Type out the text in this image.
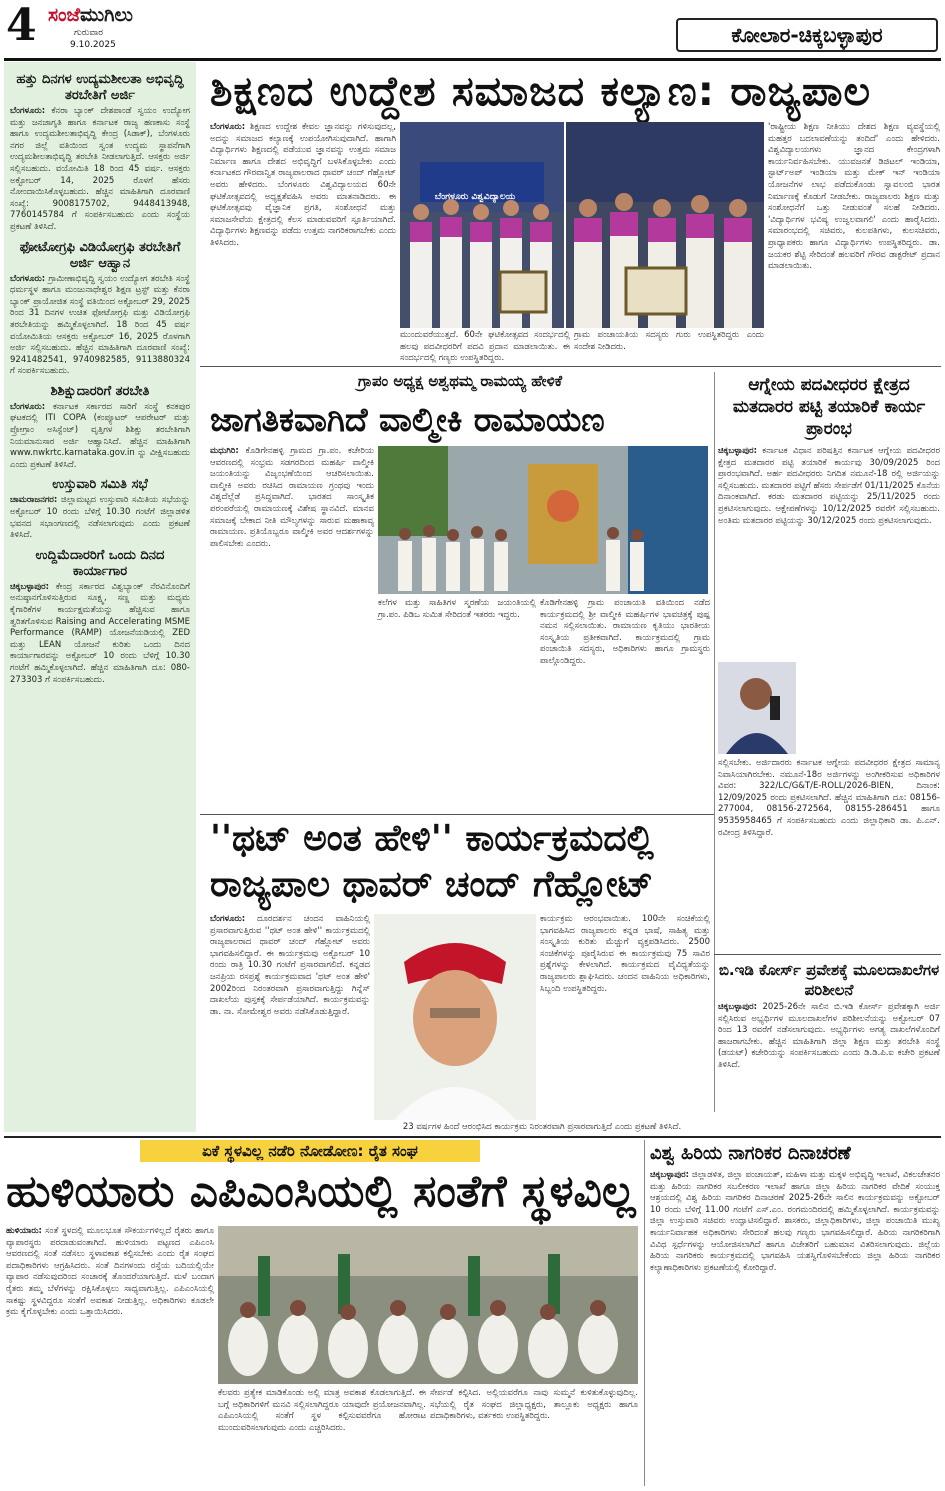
4 ಸಂಜೆಮುಗಿಲು
ಗುರುವಾರ
9.10.2025	ಕೋಲಾರ-ಚಿಕ್ಕಬಳ್ಳಾಪುರ
ಹತ್ತು ದಿನಗಳ ಉದ್ಯಮಶೀಲತಾ ಅಭಿವೃದ್ಧಿ ತರಬೇತಿಗೆ ಅರ್ಜಿ
ಬೆಂಗಳೂರು: ಕೆನರಾ ಬ್ಯಾಂಕ್ ದೇಶಪಾಂಡೆ ಸ್ವಯಂ ಉದ್ಯೋಗ ಮತ್ತು ಜನಜಾಗೃತಿ ಹಾಗೂ ಕರ್ನಾಟಕ ರಾಜ್ಯ ಹಣಕಾಸು ಸಂಸ್ಥೆ ಹಾಗೂ ಉದ್ಯಮಶೀಲತಾಭಿವೃದ್ಧಿ ಕೇಂದ್ರ (ಸಿಡಾಕ್), ಬೆಂಗಳೂರು ನಗರ ಜಿಲ್ಲೆ ವತಿಯಿಂದ ಸ್ವಂತ ಉದ್ಯಮ ಸ್ಥಾಪನೆಗಾಗಿ ಉದ್ಯಮಶೀಲತಾಭಿವೃದ್ಧಿ ತರಬೇತಿ ನೀಡಲಾಗುತ್ತಿದೆ. ಆಸಕ್ತರು ಅರ್ಜಿ ಸಲ್ಲಿಸಬಹುದು. ವಯೋಮಿತಿ 18 ರಿಂದ 45 ವರ್ಷ. ಆಸಕ್ತರು ಅಕ್ಟೋಬರ್ 14, 2025 ರೊಳಗೆ ಹೆಸರು ನೋಂದಾಯಿಸಿಕೊಳ್ಳಬಹುದು. ಹೆಚ್ಚಿನ ಮಾಹಿತಿಗಾಗಿ ದೂರವಾಣಿ ಸಂಖ್ಯೆ: 9008175702, 9448413948, 7760145784 ಗೆ ಸಂಪರ್ಕಿಸಬಹುದು ಎಂದು ಸಂಸ್ಥೆಯ ಪ್ರಕಟಣೆ ತಿಳಿಸಿದೆ.
ಫೋಟೋಗ್ರಫಿ ವಿಡಿಯೋಗ್ರಫಿ ತರಬೇತಿಗೆ ಅರ್ಜಿ ಆಹ್ವಾನ
ಬೆಂಗಳೂರು: ಗ್ರಾಮೀಣಾಭಿವೃದ್ಧಿ ಸ್ವಯಂ ಉದ್ಯೋಗ ತರಬೇತಿ ಸಂಸ್ಥೆ ಧರ್ಮಸ್ಥಳ ಹಾಗೂ ಮಂಜುನಾಥೇಶ್ವರ ಶಿಕ್ಷಣ ಟ್ರಸ್ಟ್ ಮತ್ತು ಕೆನರಾ ಬ್ಯಾಂಕ್ ಪ್ರಾಯೋಜಿತ ಸಂಸ್ಥೆ ವತಿಯಿಂದ ಅಕ್ಟೋಬರ್ 29, 2025 ರಿಂದ 31 ದಿನಗಳ ಉಚಿತ ಫೋಟೋಗ್ರಫಿ ಮತ್ತು ವಿಡಿಯೋಗ್ರಫಿ ತರಬೇತಿಯನ್ನು ಹಮ್ಮಿಕೊಳ್ಳಲಾಗಿದೆ. 18 ರಿಂದ 45 ವರ್ಷ ವಯೋಮಿತಿಯ ಆಸಕ್ತರು ಅಕ್ಟೋಬರ್ 16, 2025 ರೊಳಗಾಗಿ ಅರ್ಜಿ ಸಲ್ಲಿಸಬಹುದು. ಹೆಚ್ಚಿನ ಮಾಹಿತಿಗಾಗಿ ದೂರವಾಣಿ ಸಂಖ್ಯೆ: 9241482541, 9740982585, 9113880324 ಗೆ ಸಂಪರ್ಕಿಸಬಹುದು.
ಶಿಶಿಕ್ಷುದಾರರಿಗೆ ತರಬೇತಿ
ಬೆಂಗಳೂರು: ಕರ್ನಾಟಕ ಸರ್ಕಾರದ ಸಾರಿಗೆ ಸಂಸ್ಥೆ ಕನಕಪುರ ಘಟಕದಲ್ಲಿ ITI COPA (ಕಂಪ್ಯೂಟರ್ ಆಪರೇಟರ್ ಮತ್ತು ಪ್ರೋಗ್ರಾಂ ಅಸಿಸ್ಟೆಂಟ್) ವೃತ್ತಿಗಳ ಶಿಶಿಕ್ಷು ತರಬೇತಿಗಾಗಿ ನಿಯಮಾನುಸಾರ ಅರ್ಜಿ ಆಹ್ವಾನಿಸಿದೆ. ಹೆಚ್ಚಿನ ಮಾಹಿತಿಗಾಗಿ www.nwkrtc.karnataka.gov.in ನ್ನು ವೀಕ್ಷಿಸಬಹುದು ಎಂದು ಪ್ರಕಟಣೆ ತಿಳಿಸಿದೆ.
ಉಸ್ತುವಾರಿ ಸಮಿತಿ ಸಭೆ
ಚಾಮರಾಜನಗರ: ಜಿಲ್ಲಾಮಟ್ಟದ ಉಸ್ತುವಾರಿ ಸಮಿತಿಯ ಸಭೆಯನ್ನು ಅಕ್ಟೋಬರ್ 10 ರಂದು ಬೆಳಿಗ್ಗೆ 10.30 ಗಂಟೆಗೆ ಜಿಲ್ಲಾಡಳಿತ ಭವನದ ಸಭಾಂಗಣದಲ್ಲಿ ನಡೆಸಲಾಗುವುದು ಎಂದು ಪ್ರಕಟಣೆ ತಿಳಿಸಿದೆ.
ಉದ್ದಿಮೆದಾರರಿಗೆ ಒಂದು ದಿನದ ಕಾರ್ಯಾಗಾರ
ಚಿಕ್ಕಬಳ್ಳಾಪುರ: ಕೇಂದ್ರ ಸರ್ಕಾರದ ವಿಶ್ವಬ್ಯಾಂಕ್ ನೆರವಿನೊಂದಿಗೆ ಅನುಷ್ಠಾನಗೊಳಿಸುತ್ತಿರುವ ಸೂಕ್ಷ್ಮ, ಸಣ್ಣ ಮತ್ತು ಮಧ್ಯಮ ಕೈಗಾರಿಕೆಗಳ ಕಾರ್ಯಕ್ಷಮತೆಯನ್ನು ಹೆಚ್ಚಿಸುವ ಹಾಗೂ ತ್ವರಿತಗೊಳಿಸುವ Raising and Accelerating MSME Performance (RAMP) ಯೋಜನೆಯಡಿಯಲ್ಲಿ ZED ಮತ್ತು LEAN ಯೋಜನೆ ಕುರಿತು ಒಂದು ದಿನದ ಕಾರ್ಯಾಗಾರವನ್ನು ಅಕ್ಟೋಬರ್ 10 ರಂದು ಬೆಳಿಗ್ಗೆ 10.30 ಗಂಟೆಗೆ ಹಮ್ಮಿಕೊಳ್ಳಲಾಗಿದೆ. ಹೆಚ್ಚಿನ ಮಾಹಿತಿಗಾಗಿ ದೂ: 080-273303 ಗೆ ಸಂಪರ್ಕಿಸಬಹುದು.
ಶಿಕ್ಷಣದ ಉದ್ದೇಶ ಸಮಾಜದ ಕಲ್ಯಾಣ: ರಾಜ್ಯಪಾಲ
ಬೆಂಗಳೂರು: ಶಿಕ್ಷಣದ ಉದ್ದೇಶ ಕೇವಲ ಜ್ಞಾನವನ್ನು ಗಳಿಸುವುದಲ್ಲ, ಅದನ್ನು ಸಮಾಜದ ಕಲ್ಯಾಣಕ್ಕೆ ಉಪಯೋಗಿಸುವುದಾಗಿದೆ. ಹಾಗಾಗಿ ವಿದ್ಯಾರ್ಥಿಗಳು ಶಿಕ್ಷಣದಲ್ಲಿ ಪಡೆಯುವ ಜ್ಞಾನವನ್ನು ಉತ್ತಮ ಸಮಾಜ ನಿರ್ಮಾಣ ಹಾಗೂ ದೇಶದ ಅಭಿವೃದ್ಧಿಗೆ ಬಳಸಿಕೊಳ್ಳಬೇಕು ಎಂದು ಕರ್ನಾಟಕದ ಗೌರವಾನ್ವಿತ ರಾಜ್ಯಪಾಲರಾದ ಥಾವರ್ ಚಂದ್ ಗೆಹ್ಲೋಟ್ ಅವರು ಹೇಳಿದರು. ಬೆಂಗಳೂರು ವಿಶ್ವವಿದ್ಯಾಲಯದ 60ನೇ ಘಟಿಕೋತ್ಸವದಲ್ಲಿ ಅಧ್ಯಕ್ಷತೆವಹಿಸಿ ಅವರು ಮಾತನಾಡಿದರು. ಈ ಘಟಿಕೋತ್ಸವವು ವೈಜ್ಞಾನಿಕ ಪ್ರಗತಿ, ಸಂಶೋಧನೆ ಮತ್ತು ಸಮಾಜಸೇವೆಯ ಕ್ಷೇತ್ರದಲ್ಲಿ ಕೆಲಸ ಮಾಡುವವರಿಗೆ ಸ್ಫೂರ್ತಿಯಾಗಿದೆ. ವಿದ್ಯಾರ್ಥಿಗಳು ಶಿಕ್ಷಣವನ್ನು ಪಡೆದು ಉತ್ತಮ ನಾಗರಿಕರಾಗಬೇಕು ಎಂದು ತಿಳಿಸಿದರು.
ಬೆಂಗಳೂರು ವಿಶ್ವವಿದ್ಯಾಲಯ
ಮುಂದುವರೆಯುತ್ತದೆ. 60ನೇ ಘಟಿಕೋತ್ಸವದ ಸಂದರ್ಭದಲ್ಲಿ ಹಲವು ಪದವೀಧರರಿಗೆ ಪದವಿ ಪ್ರದಾನ ಮಾಡಲಾಯಿತು. ಈ ಸಂದರ್ಭದಲ್ಲಿ ಗಣ್ಯರು ಉಪಸ್ಥಿತರಿದ್ದರು.
ಗ್ರಾಮ ಪಂಚಾಯತಿಯ ಸದಸ್ಯರು ಗುರು ಉಪಸ್ಥಿತರಿದ್ದರು ಎಂದು ಸಂದೇಶ ನೀಡಿದರು.
'ರಾಷ್ಟ್ರೀಯ ಶಿಕ್ಷಣ ನೀತಿಯು ದೇಶದ ಶಿಕ್ಷಣ ವ್ಯವಸ್ಥೆಯಲ್ಲಿ ಮಹತ್ತರ ಬದಲಾವಣೆಯನ್ನು ತಂದಿದೆ' ಎಂದು ಹೇಳಿದರು. ವಿಶ್ವವಿದ್ಯಾಲಯಗಳು ಜ್ಞಾನದ ಕೇಂದ್ರಗಳಾಗಿ ಕಾರ್ಯನಿರ್ವಹಿಸಬೇಕು. ಯುವಜನತೆ ಡಿಜಿಟಲ್ ಇಂಡಿಯಾ, ಸ್ಟಾರ್ಟ್‌ಅಪ್ ಇಂಡಿಯಾ ಮತ್ತು ಮೇಕ್ ಇನ್ ಇಂಡಿಯಾ ಯೋಜನೆಗಳ ಲಾಭ ಪಡೆದುಕೊಂಡು ಸ್ವಾವಲಂಬಿ ಭಾರತ ನಿರ್ಮಾಣಕ್ಕೆ ಕೊಡುಗೆ ನೀಡಬೇಕು. ರಾಜ್ಯಪಾಲರು ಶಿಕ್ಷಣ ಮತ್ತು ಸಂಶೋಧನೆಗೆ ಒತ್ತು ನೀಡುವಂತೆ ಸಲಹೆ ನೀಡಿದರು. 'ವಿದ್ಯಾರ್ಥಿಗಳ ಭವಿಷ್ಯ ಉಜ್ವಲವಾಗಲಿ' ಎಂದು ಹಾರೈಸಿದರು. ಸಮಾರಂಭದಲ್ಲಿ ಸಚಿವರು, ಕುಲಪತಿಗಳು, ಕುಲಸಚಿವರು, ಪ್ರಾಧ್ಯಾಪಕರು ಹಾಗೂ ವಿದ್ಯಾರ್ಥಿಗಳು ಉಪಸ್ಥಿತರಿದ್ದರು. ಡಾ. ಜಯಕರ ಶೆಟ್ಟಿ ಸೇರಿದಂತೆ ಹಲವರಿಗೆ ಗೌರವ ಡಾಕ್ಟರೇಟ್ ಪ್ರದಾನ ಮಾಡಲಾಯಿತು.
ಗ್ರಾಪಂ ಅಧ್ಯಕ್ಷ ಅಶ್ವಥಮ್ಮ ರಾಮಯ್ಯ ಹೇಳಿಕೆ
ಜಾಗತಿಕವಾಗಿದೆ ವಾಲ್ಮೀಕಿ ರಾಮಾಯಣ
ಮಧುಗಿರಿ: ಕೊಡಿಗೇನಹಳ್ಳಿ ಗ್ರಾಮದ ಗ್ರಾ.ಪಂ. ಕಚೇರಿಯ ಆವರಣದಲ್ಲಿ ಸಂಭ್ರಮ ಸಡಗರದಿಂದ ಮಹರ್ಷಿ ವಾಲ್ಮೀಕಿ ಜಯಂತಿಯನ್ನು ವಿಜೃಂಭಣೆಯಿಂದ ಆಚರಿಸಲಾಯಿತು. ವಾಲ್ಮೀಕಿ ಅವರು ರಚಿಸಿದ ರಾಮಾಯಣ ಗ್ರಂಥವು ಇಂದು ವಿಶ್ವದೆಲ್ಲೆಡೆ ಪ್ರಸಿದ್ಧವಾಗಿದೆ. ಭಾರತದ ಸಾಂಸ್ಕೃತಿಕ ಪರಂಪರೆಯಲ್ಲಿ ರಾಮಾಯಣಕ್ಕೆ ವಿಶೇಷ ಸ್ಥಾನವಿದೆ. ಮಾನವ ಸಮಾಜಕ್ಕೆ ಬೇಕಾದ ನೀತಿ ಮೌಲ್ಯಗಳನ್ನು ಸಾರುವ ಮಹಾಕಾವ್ಯ ರಾಮಾಯಣ. ಪ್ರತಿಯೊಬ್ಬರೂ ವಾಲ್ಮೀಕಿ ಅವರ ಆದರ್ಶಗಳನ್ನು ಪಾಲಿಸಬೇಕು ಎಂದರು.
ಕಲೆಗಳ ಮತ್ತು ಸಾಹಿತಿಗಳ ಸ್ಮರಣೆಯ ಜಯಂತಿಯಲ್ಲಿ ಗ್ರಾ.ಪಂ. ಪಿಡಿಒ ಸುಮಿತ ಸೇರಿದಂತೆ ಇತರರು ಇದ್ದರು.
ಕೊಡಿಗೇನಹಳ್ಳಿ ಗ್ರಾಮ ಪಂಚಾಯತಿ ವತಿಯಿಂದ ನಡೆದ ಕಾರ್ಯಕ್ರಮದಲ್ಲಿ ಶ್ರೀ ವಾಲ್ಮೀಕಿ ಮಹರ್ಷಿಗಳ ಭಾವಚಿತ್ರಕ್ಕೆ ಪುಷ್ಪ ನಮನ ಸಲ್ಲಿಸಲಾಯಿತು. ರಾಮಾಯಣ ಕೃತಿಯು ಭಾರತೀಯ ಸಂಸ್ಕೃತಿಯ ಪ್ರತೀಕವಾಗಿದೆ. ಕಾರ್ಯಕ್ರಮದಲ್ಲಿ ಗ್ರಾಮ ಪಂಚಾಯಿತಿ ಸದಸ್ಯರು, ಅಧಿಕಾರಿಗಳು ಹಾಗೂ ಗ್ರಾಮಸ್ಥರು ಪಾಲ್ಗೊಂಡಿದ್ದರು.
ಆಗ್ನೇಯ ಪದವೀಧರರ ಕ್ಷೇತ್ರದ ಮತದಾರರ ಪಟ್ಟಿ ತಯಾರಿಕೆ ಕಾರ್ಯ ಪ್ರಾರಂಭ
ಚಿಕ್ಕಬಳ್ಳಾಪುರ: ಕರ್ನಾಟಕ ವಿಧಾನ ಪರಿಷತ್ತಿನ ಕರ್ನಾಟಕ ಆಗ್ನೇಯ ಪದವೀಧರರ ಕ್ಷೇತ್ರದ ಮತದಾರರ ಪಟ್ಟಿ ತಯಾರಿಕೆ ಕಾರ್ಯವು 30/09/2025 ರಿಂದ ಪ್ರಾರಂಭವಾಗಿದೆ. ಅರ್ಹ ಪದವೀಧರರು ನಿಗದಿತ ನಮೂನೆ-18 ರಲ್ಲಿ ಅರ್ಜಿಯನ್ನು ಸಲ್ಲಿಸಬಹುದು. ಮತದಾರರ ಪಟ್ಟಿಗೆ ಹೆಸರು ಸೇರ್ಪಡೆಗೆ 01/11/2025 ಕೊನೆಯ ದಿನಾಂಕವಾಗಿದೆ. ಕರಡು ಮತದಾರರ ಪಟ್ಟಿಯನ್ನು 25/11/2025 ರಂದು ಪ್ರಕಟಿಸಲಾಗುವುದು. ಆಕ್ಷೇಪಣೆಗಳನ್ನು 10/12/2025 ರವರೆಗೆ ಸಲ್ಲಿಸಬಹುದು. ಅಂತಿಮ ಮತದಾರರ ಪಟ್ಟಿಯನ್ನು 30/12/2025 ರಂದು ಪ್ರಕಟಿಸಲಾಗುವುದು.
ಸಲ್ಲಿಸಬೇಕು. ಅರ್ಜಿದಾರರು ಕರ್ನಾಟಕ ಆಗ್ನೇಯ ಪದವೀಧರರ ಕ್ಷೇತ್ರದ ಸಾಮಾನ್ಯ ನಿವಾಸಿಯಾಗಿರಬೇಕು. ನಮೂನೆ-18ರ ಅರ್ಜಿಗಳನ್ನು ಅಂಗೀಕರಿಸುವ ಅಧಿಕಾರಿಗಳ ವಿವರ: 322/LC/G&T/E-ROLL/2026-BIEN, ದಿನಾಂಕ: 12/09/2025 ರಂದು ಪ್ರಕಟಿಸಲಾಗಿದೆ. ಹೆಚ್ಚಿನ ಮಾಹಿತಿಗಾಗಿ ದೂ: 08156-277004, 08156-272564, 08155-286451 ಹಾಗೂ 9535958465 ಗೆ ಸಂಪರ್ಕಿಸಬಹುದು ಎಂದು ಜಿಲ್ಲಾಧಿಕಾರಿ ಡಾ. ಪಿ.ಎನ್. ರವೀಂದ್ರ ತಿಳಿಸಿದ್ದಾರೆ.
ಬಿ.ಇಡಿ ಕೋರ್ಸ್ ಪ್ರವೇಶಕ್ಕೆ ಮೂಲದಾಖಲೆಗಳ ಪರಿಶೀಲನೆ
ಚಿಕ್ಕಬಳ್ಳಾಪುರ: 2025-26ನೇ ಸಾಲಿನ ಬಿ.ಇಡಿ ಕೋರ್ಸ್ ಪ್ರವೇಶಕ್ಕಾಗಿ ಅರ್ಜಿ ಸಲ್ಲಿಸಿರುವ ಅಭ್ಯರ್ಥಿಗಳ ಮೂಲದಾಖಲೆಗಳ ಪರಿಶೀಲನೆಯನ್ನು ಅಕ್ಟೋಬರ್ 07 ರಿಂದ 13 ರವರೆಗೆ ನಡೆಸಲಾಗುವುದು. ಅಭ್ಯರ್ಥಿಗಳು ಅಗತ್ಯ ದಾಖಲೆಗಳೊಂದಿಗೆ ಹಾಜರಾಗಬೇಕು. ಹೆಚ್ಚಿನ ಮಾಹಿತಿಗಾಗಿ ಜಿಲ್ಲಾ ಶಿಕ್ಷಣ ಮತ್ತು ತರಬೇತಿ ಸಂಸ್ಥೆ (ಡಯಟ್) ಕಚೇರಿಯನ್ನು ಸಂಪರ್ಕಿಸಬಹುದು ಎಂದು ಡಿ.ಡಿ.ಪಿ.ಐ ಕಚೇರಿ ಪ್ರಕಟಣೆ ತಿಳಿಸಿದೆ.
''ಥಟ್ ಅಂತ ಹೇಳಿ'' ಕಾರ್ಯಕ್ರಮದಲ್ಲಿ
ರಾಜ್ಯಪಾಲ ಥಾವರ್ ಚಂದ್ ಗೆಹ್ಲೋಟ್
ಬೆಂಗಳೂರು: ದೂರದರ್ಶನ ಚಂದನ ವಾಹಿನಿಯಲ್ಲಿ ಪ್ರಸಾರವಾಗುತ್ತಿರುವ ''ಥಟ್ ಅಂತ ಹೇಳಿ'' ಕಾರ್ಯಕ್ರಮದಲ್ಲಿ ರಾಜ್ಯಪಾಲರಾದ ಥಾವರ್ ಚಂದ್ ಗೆಹ್ಲೋಟ್ ಅವರು ಭಾಗವಹಿಸಲಿದ್ದಾರೆ. ಈ ಕಾರ್ಯಕ್ರಮವು ಅಕ್ಟೋಬರ್ 10 ರಂದು ರಾತ್ರಿ 10.30 ಗಂಟೆಗೆ ಪ್ರಸಾರವಾಗಲಿದೆ. ಕನ್ನಡದ ಜನಪ್ರಿಯ ರಸಪ್ರಶ್ನೆ ಕಾರ್ಯಕ್ರಮವಾದ 'ಥಟ್ ಅಂತ ಹೇಳಿ' 2002ರಿಂದ ನಿರಂತರವಾಗಿ ಪ್ರಸಾರವಾಗುತ್ತಿದ್ದು ಗಿನ್ನೆಸ್ ದಾಖಲೆಯ ಪುಸ್ತಕಕ್ಕೆ ಸೇರ್ಪಡೆಯಾಗಿದೆ. ಕಾರ್ಯಕ್ರಮವನ್ನು ಡಾ. ನಾ. ಸೋಮೇಶ್ವರ ಅವರು ನಡೆಸಿಕೊಡುತ್ತಿದ್ದಾರೆ.
ಕಾರ್ಯಕ್ರಮ ಆರಂಭವಾಯಿತು. 100ನೇ ಸಂಚಿಕೆಯಲ್ಲಿ ಭಾಗವಹಿಸಿದ ರಾಜ್ಯಪಾಲರು ಕನ್ನಡ ಭಾಷೆ, ಸಾಹಿತ್ಯ ಮತ್ತು ಸಂಸ್ಕೃತಿಯ ಕುರಿತು ಮೆಚ್ಚುಗೆ ವ್ಯಕ್ತಪಡಿಸಿದರು. 2500 ಸಂಚಿಕೆಗಳನ್ನು ಪೂರೈಸಿರುವ ಈ ಕಾರ್ಯಕ್ರಮವು 75 ಸಾವಿರ ಪ್ರಶ್ನೆಗಳನ್ನು ಕೇಳಲಾಗಿದೆ. ಕಾರ್ಯಕ್ರಮದ ವೈವಿಧ್ಯತೆಯನ್ನು ರಾಜ್ಯಪಾಲರು ಶ್ಲಾಘಿಸಿದರು. ಚಂದನ ವಾಹಿನಿಯ ಅಧಿಕಾರಿಗಳು, ಸಿಬ್ಬಂದಿ ಉಪಸ್ಥಿತರಿದ್ದರು.
23 ವರ್ಷಗಳ ಹಿಂದೆ ಆರಂಭಿಸಿದ ಕಾರ್ಯಕ್ರಮ ನಿರಂತರವಾಗಿ ಪ್ರಸಾರವಾಗುತ್ತಿದೆ ಎಂದು ಪ್ರಕಟಣೆ ತಿಳಿಸಿದೆ.
ಏಕೆ ಸ್ಥಳವಿಲ್ಲ ನಡೆರಿ ನೋಡೋಣ: ರೈತ ಸಂಘ
ಹುಳಿಯಾರು ಎಪಿಎಂಸಿಯಲ್ಲಿ ಸಂತೆಗೆ ಸ್ಥಳವಿಲ್ಲ
ಹುಳಿಯಾರು: ಸಂತೆ ಸ್ಥಳದಲ್ಲಿ ಮೂಲಭೂತ ಸೌಕರ್ಯಗಳಿಲ್ಲದೆ ರೈತರು ಹಾಗೂ ವ್ಯಾಪಾರಸ್ಥರು ಪರದಾಡುವಂತಾಗಿದೆ. ಹುಳಿಯಾರು ಪಟ್ಟಣದ ಎಪಿಎಂಸಿ ಆವರಣದಲ್ಲಿ ಸಂತೆ ನಡೆಸಲು ಸ್ಥಳಾವಕಾಶ ಕಲ್ಪಿಸಬೇಕು ಎಂದು ರೈತ ಸಂಘದ ಪದಾಧಿಕಾರಿಗಳು ಆಗ್ರಹಿಸಿದರು. ಸಂತೆ ದಿನಗಳಂದು ರಸ್ತೆಯ ಬದಿಯಲ್ಲಿಯೇ ವ್ಯಾಪಾರ ನಡೆಸುವುದರಿಂದ ಸಂಚಾರಕ್ಕೆ ತೊಂದರೆಯಾಗುತ್ತಿದೆ. ಮಳೆ ಬಂದಾಗ ರೈತರು ತಮ್ಮ ಬೆಳೆಗಳನ್ನು ರಕ್ಷಿಸಿಕೊಳ್ಳಲು ಸಾಧ್ಯವಾಗುತ್ತಿಲ್ಲ. ಎಪಿಎಂಸಿಯಲ್ಲಿ ಸಾಕಷ್ಟು ಸ್ಥಳವಿದ್ದರೂ ಸಂತೆಗೆ ಅವಕಾಶ ನೀಡುತ್ತಿಲ್ಲ. ಅಧಿಕಾರಿಗಳು ಕೂಡಲೇ ಕ್ರಮ ಕೈಗೊಳ್ಳಬೇಕು ಎಂದು ಒತ್ತಾಯಿಸಿದರು.
ಕೆಲವರು ಪ್ರತ್ಯೇಕ ಮಾಡಿಕೊಂಡು ಅಲ್ಲಿ ಮಾತ್ರ ಅವಕಾಶ ಕೊಡಲಾಗುತ್ತಿದೆ. ಈ ಬಗ್ಗೆ ಅಧಿಕಾರಿಗಳಿಗೆ ಮನವಿ ಸಲ್ಲಿಸಲಾಗಿದ್ದರೂ ಯಾವುದೇ ಪ್ರಯೋಜನವಾಗಿಲ್ಲ. ಎಪಿಎಂಸಿಯಲ್ಲಿ ಸಂತೆಗೆ ಸ್ಥಳ ಕಲ್ಪಿಸುವವರೆಗೂ ಹೋರಾಟ ಮುಂದುವರಿಸಲಾಗುವುದು ಎಂದು ಎಚ್ಚರಿಸಿದರು.
ಸೇರ್ಪಡೆ ಕಲ್ಪಿಸಿದ. ಅಲ್ಲಿಯವರೆಗೂ ನಾವು ಸುಮ್ಮನೆ ಕುಳಿತುಕೊಳ್ಳುವುದಿಲ್ಲ. ಸಭೆಯಲ್ಲಿ ರೈತ ಸಂಘದ ಜಿಲ್ಲಾಧ್ಯಕ್ಷರು, ತಾಲ್ಲೂಕು ಅಧ್ಯಕ್ಷರು ಹಾಗೂ ಪದಾಧಿಕಾರಿಗಳು, ವರ್ತಕರು ಉಪಸ್ಥಿತರಿದ್ದರು.
ವಿಶ್ವ ಹಿರಿಯ ನಾಗರಿಕರ ದಿನಾಚರಣೆ
ಚಿಕ್ಕಬಳ್ಳಾಪುರ: ಜಿಲ್ಲಾಡಳಿತ, ಜಿಲ್ಲಾ ಪಂಚಾಯತ್, ಮಹಿಳಾ ಮತ್ತು ಮಕ್ಕಳ ಅಭಿವೃದ್ಧಿ ಇಲಾಖೆ, ವಿಕಲಚೇತನರ ಮತ್ತು ಹಿರಿಯ ನಾಗರಿಕರ ಸಬಲೀಕರಣ ಇಲಾಖೆ ಹಾಗೂ ಜಿಲ್ಲಾ ಹಿರಿಯ ನಾಗರಿಕರ ವೇದಿಕೆ ಸಂಯುಕ್ತ ಆಶ್ರಯದಲ್ಲಿ ವಿಶ್ವ ಹಿರಿಯ ನಾಗರಿಕರ ದಿನಾಚರಣೆ 2025-26ನೇ ಸಾಲಿನ ಕಾರ್ಯಕ್ರಮವನ್ನು ಅಕ್ಟೋಬರ್ 10 ರಂದು ಬೆಳಿಗ್ಗೆ 11.00 ಗಂಟೆಗೆ ಎಸ್.ಎಂ. ರಂಗಮಂದಿರದಲ್ಲಿ ಹಮ್ಮಿಕೊಳ್ಳಲಾಗಿದೆ. ಕಾರ್ಯಕ್ರಮವನ್ನು ಜಿಲ್ಲಾ ಉಸ್ತುವಾರಿ ಸಚಿವರು ಉದ್ಘಾಟಿಸಲಿದ್ದಾರೆ. ಶಾಸಕರು, ಜಿಲ್ಲಾಧಿಕಾರಿಗಳು, ಜಿಲ್ಲಾ ಪಂಚಾಯಿತಿ ಮುಖ್ಯ ಕಾರ್ಯನಿರ್ವಾಹಕ ಅಧಿಕಾರಿಗಳು ಸೇರಿದಂತೆ ಹಲವು ಗಣ್ಯರು ಭಾಗವಹಿಸಲಿದ್ದಾರೆ. ಹಿರಿಯ ನಾಗರಿಕರಿಗಾಗಿ ವಿವಿಧ ಸ್ಪರ್ಧೆಗಳನ್ನು ಆಯೋಜಿಸಲಾಗಿದೆ ಹಾಗೂ ವಿಜೇತರಿಗೆ ಬಹುಮಾನ ವಿತರಿಸಲಾಗುವುದು. ಜಿಲ್ಲೆಯ ಹಿರಿಯ ನಾಗರಿಕರು ಕಾರ್ಯಕ್ರಮದಲ್ಲಿ ಭಾಗವಹಿಸಿ ಯಶಸ್ವಿಗೊಳಿಸಬೇಕೆಂದು ಜಿಲ್ಲಾ ಹಿರಿಯ ನಾಗರಿಕರ ಕಲ್ಯಾಣಾಧಿಕಾರಿಗಳು ಪ್ರಕಟಣೆಯಲ್ಲಿ ಕೋರಿದ್ದಾರೆ.
